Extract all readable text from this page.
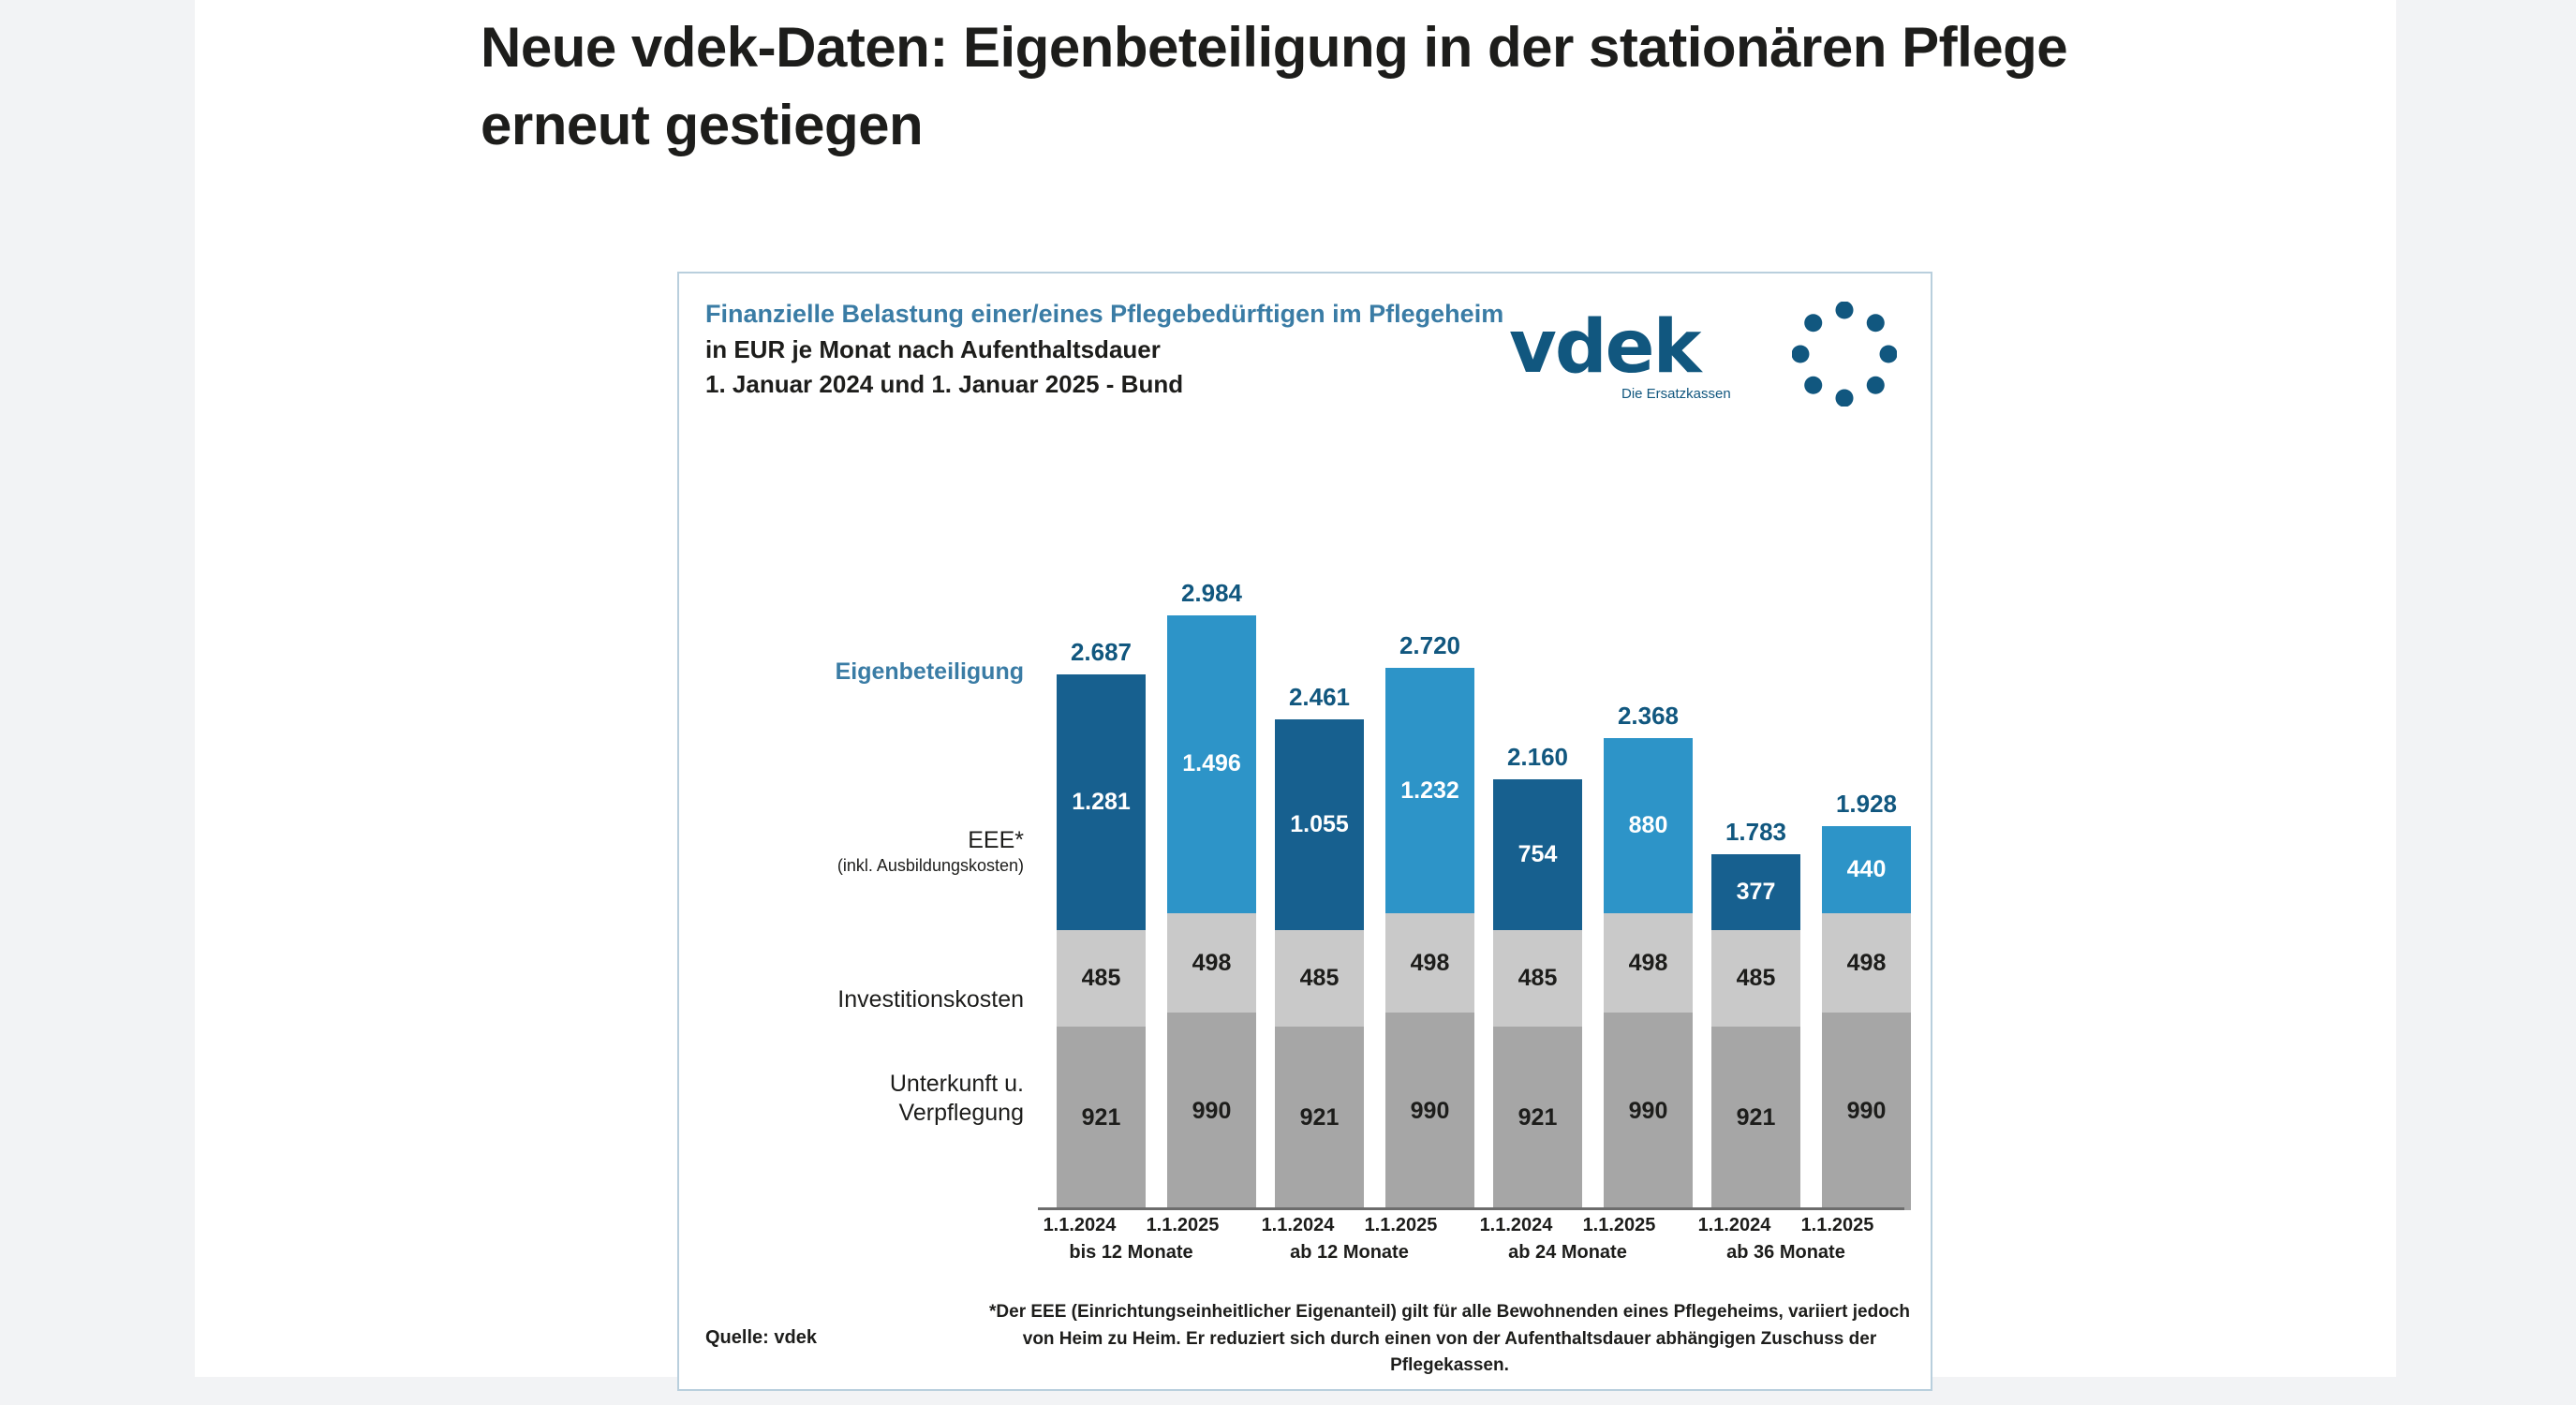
Neue vdek-Daten: Eigenbeteiligung in der stationären Pflege erneut gestiegen
Finanzielle Belastung einer/eines Pflegebedürftigen im Pflegeheim
in EUR je Monat nach Aufenthaltsdauer
1. Januar 2024 und 1. Januar 2025 - Bund	vdek
Die Ersatzkassen
Eigenbeteiligung
EEE*
(inkl. Ausbildungskosten)
Investitionskosten
Unterkunft u.
Verpflegung	921
485
1.281
2.687
990
498
1.496
2.984
921
485
1.055
2.461
990
498
1.232
2.720
921
485
754
2.160
990
498
880
2.368
921
485
377
1.783
990
498
440
1.928
1.1.2024	1.1.2025
bis 12 Monate
1.1.2024	1.1.2025
ab 12 Monate
1.1.2024	1.1.2025
ab 24 Monate
1.1.2024	1.1.2025
ab 36 Monate
*Der EEE (Einrichtungseinheitlicher Eigenanteil) gilt für alle Bewohnenden eines Pflegeheims, variiert jedoch von Heim zu Heim. Er reduziert sich durch einen von der Aufenthaltsdauer abhängigen Zuschuss der Pflegekassen.
Quelle: vdek
